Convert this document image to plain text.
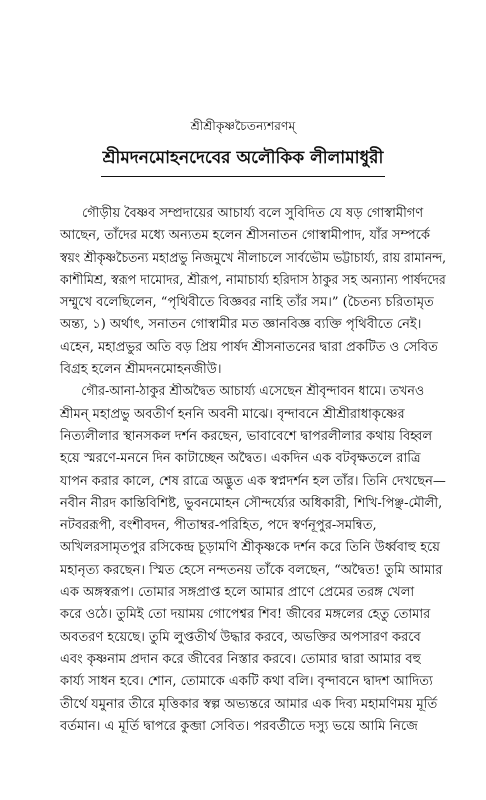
শ্রীশ্রীকৃষ্ণচৈতন্যশরণম্
শ্রীমদনমোহনদেবের অলৌকিক লীলামাধুরী

গৌড়ীয় বৈষ্ণব সম্প্রদায়ের আচার্য্য বলে সুবিদিত যে ষড় গোস্বামীগণ
আছেন, তাঁদের মধ্যে অন্যতম হলেন শ্রীসনাতন গোস্বামীপাদ, যাঁর সম্পর্কে
স্বয়ং শ্রীকৃষ্ণচৈতন্য মহাপ্রভু নিজমুখে নীলাচলে সার্বভৌম ভট্টাচার্য্য, রায় রামানন্দ,
কাশীমিশ্র, স্বরূপ দামোদর, শ্রীরূপ, নামাচার্য্য হরিদাস ঠাকুর সহ অন্যান্য পার্ষদদের
সম্মুখে বলেছিলেন, “পৃথিবীতে বিজ্ঞবর নাহি তাঁর সম।” (চৈতন্য চরিতামৃত
অন্ত্য, ১) অর্থাৎ, সনাতন গোস্বামীর মত জ্ঞানবিজ্ঞ ব্যক্তি পৃথিবীতে নেই।
এহেন, মহাপ্রভুর অতি বড় প্রিয় পার্ষদ শ্রীসনাতনের দ্বারা প্রকটিত ও সেবিত
বিগ্রহ হলেন শ্রীমদনমোহনজীউ।

গৌর-আনা-ঠাকুর শ্রীঅদ্বৈত আচার্য্য এসেছেন শ্রীবৃন্দাবন ধামে। তখনও
শ্রীমন্ মহাপ্রভু অবতীর্ণ হননি অবনী মাঝে। বৃন্দাবনে শ্রীশ্রীরাধাকৃষ্ণের
নিত্যলীলার স্থানসকল দর্শন করছেন, ভাবাবেশে দ্বাপরলীলার কথায় বিহ্বল
হয়ে স্মরণে-মননে দিন কাটাচ্ছেন অদ্বৈত। একদিন এক বটবৃক্ষতলে রাত্রি
যাপন করার কালে, শেষ রাত্রে অদ্ভুত এক স্বপ্নদর্শন হল তাঁর। তিনি দেখছেন—
নবীন নীরদ কান্তিবিশিষ্ট, ভুবনমোহন সৌন্দর্য্যের অধিকারী, শিখি-পিঞ্ছ-মৌলী,
নটবররূপী, বংশীবদন, পীতাম্বর-পরিহিত, পদে স্বর্ণনূপুর-সমন্বিত,
অখিলরসামৃতপুর রসিকেন্দ্র চূড়ামণি শ্রীকৃষ্ণকে দর্শন করে তিনি উর্ধ্ববাহু হয়ে
মহানৃত্য করছেন। স্মিত হেসে নন্দতনয় তাঁকে বলছেন, “অদ্বৈত! তুমি আমার
এক অঙ্গস্বরূপ। তোমার সঙ্গপ্রাপ্ত হলে আমার প্রাণে প্রেমের তরঙ্গ খেলা
করে ওঠে। তুমিই তো দয়াময় গোপেশ্বর শিব! জীবের মঙ্গলের হেতু তোমার
অবতরণ হয়েছে। তুমি লুপ্ততীর্থ উদ্ধার করবে, অভক্তির অপসারণ করবে
এবং কৃষ্ণনাম প্রদান করে জীবের নিস্তার করবে। তোমার দ্বারা আমার বহু
কার্য্য সাধন হবে। শোন, তোমাকে একটি কথা বলি। বৃন্দাবনে দ্বাদশ আদিত্য
তীর্থে যমুনার তীরে মৃত্তিকার স্বল্প অভ্যন্তরে আমার এক দিব্য মহামণিময় মূর্তি
বর্তমান। এ মূর্তি দ্বাপরে কুব্জা সেবিত। পরবর্তীতে দস্যু ভয়ে আমি নিজে
